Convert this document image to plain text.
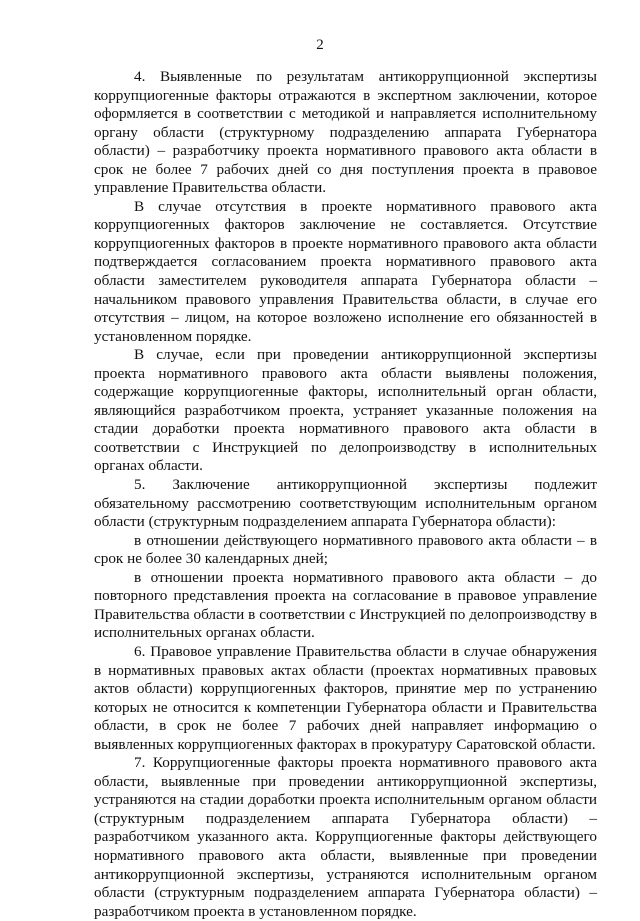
2

4. Выявленные по результатам антикоррупционной экспертизы коррупциогенные факторы отражаются в экспертном заключении, которое оформляется в соответствии с методикой и направляется исполнительному органу области (структурному подразделению аппарата Губернатора области) – разработчику проекта нормативного правового акта области в срок не более 7 рабочих дней со дня поступления проекта в правовое управление Правительства области.

В случае отсутствия в проекте нормативного правового акта коррупциогенных факторов заключение не составляется. Отсутствие коррупциогенных факторов в проекте нормативного правового акта области подтверждается согласованием проекта нормативного правового акта области заместителем руководителя аппарата Губернатора области – начальником правового управления Правительства области, в случае его отсутствия – лицом, на которое возложено исполнение его обязанностей в установленном порядке.

В случае, если при проведении антикоррупционной экспертизы проекта нормативного правового акта области выявлены положения, содержащие коррупциогенные факторы, исполнительный орган области, являющийся разработчиком проекта, устраняет указанные положения на стадии доработки проекта нормативного правового акта области в соответствии с Инструкцией по делопроизводству в исполнительных органах области.

5. Заключение антикоррупционной экспертизы подлежит обязательному рассмотрению соответствующим исполнительным органом области (структурным подразделением аппарата Губернатора области):

в отношении действующего нормативного правового акта области – в срок не более 30 календарных дней;

в отношении проекта нормативного правового акта области – до повторного представления проекта на согласование в правовое управление Правительства области в соответствии с Инструкцией по делопроизводству в исполнительных органах области.

6. Правовое управление Правительства области в случае обнаружения в нормативных правовых актах области (проектах нормативных правовых актов области) коррупциогенных факторов, принятие мер по устранению которых не относится к компетенции Губернатора области и Правительства области, в срок не более 7 рабочих дней направляет информацию о выявленных коррупциогенных факторах в прокуратуру Саратовской области.

7. Коррупциогенные факторы проекта нормативного правового акта области, выявленные при проведении антикоррупционной экспертизы, устраняются на стадии доработки проекта исполнительным органом области (структурным подразделением аппарата Губернатора области) – разработчиком указанного акта. Коррупциогенные факторы действующего нормативного правового акта области, выявленные при проведении антикоррупционной экспертизы, устраняются исполнительным органом области (структурным подразделением аппарата Губернатора области) – разработчиком проекта в установленном порядке.
